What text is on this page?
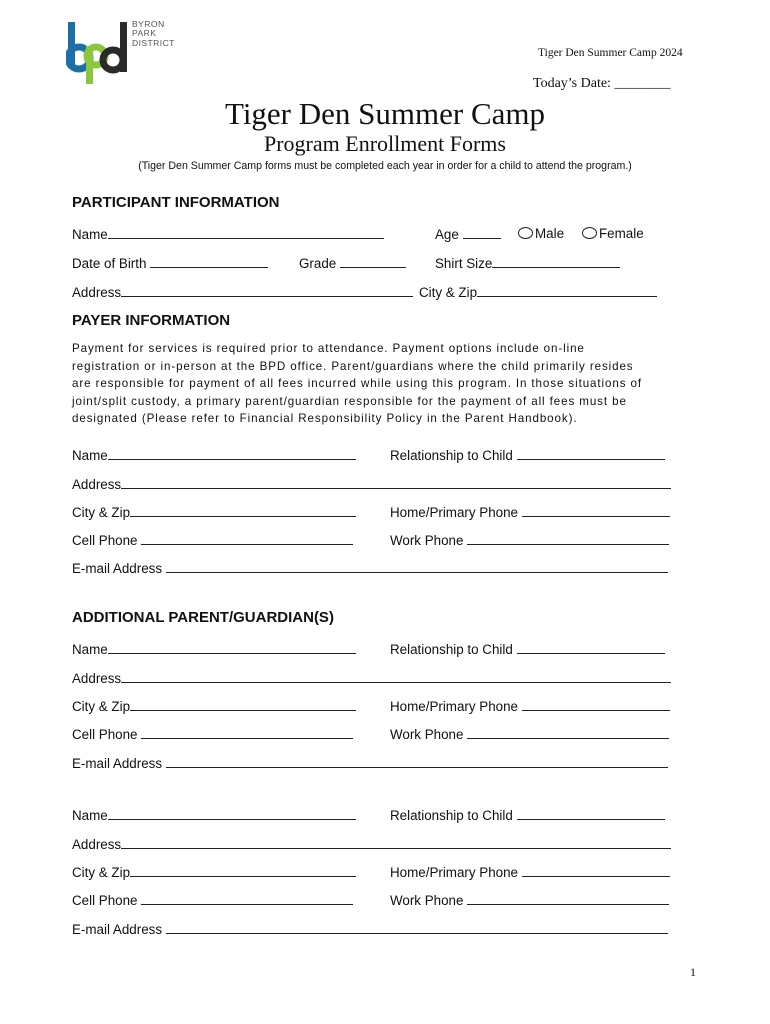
BYRON
PARK
DISTRICT
Tiger Den Summer Camp 2024
Today’s Date: ________
Tiger Den Summer Camp
Program Enrollment Forms
(Tiger Den Summer Camp forms must be completed each year in order for a child to attend the program.)
PARTICIPANT INFORMATION
Name	Age	Male	Female
Date of Birth	Grade	Shirt Size
Address	City & Zip
PAYER INFORMATION
Payment for services is required prior to attendance. Payment options include on-line
registration or in-person at the BPD office. Parent/guardians where the child primarily resides
are responsible for payment of all fees incurred while using this program. In those situations of
joint/split custody, a primary parent/guardian responsible for the payment of all fees must be
designated (Please refer to Financial Responsibility Policy in the Parent Handbook).
Name	Relationship to Child
Address
City & Zip	Home/Primary Phone
Cell Phone	Work Phone
E-mail Address
ADDITIONAL PARENT/GUARDIAN(S)
Name	Relationship to Child
Address
City & Zip	Home/Primary Phone
Cell Phone	Work Phone
E-mail Address
Name	Relationship to Child
Address
City & Zip	Home/Primary Phone
Cell Phone	Work Phone
E-mail Address
1
